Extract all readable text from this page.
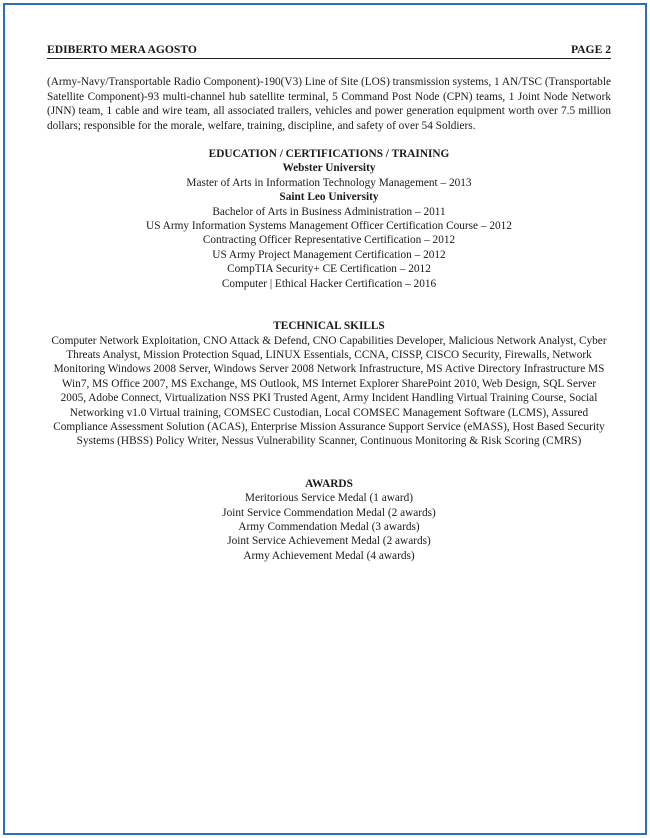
EDIBERTO MERA AGOSTO	PAGE 2
(Army-Navy/Transportable Radio Component)-190(V3) Line of Site (LOS) transmission systems, 1 AN/TSC (Transportable Satellite Component)-93 multi-channel hub satellite terminal, 5 Command Post Node (CPN) teams, 1 Joint Node Network (JNN) team, 1 cable and wire team, all associated trailers, vehicles and power generation equipment worth over 7.5 million dollars; responsible for the morale, welfare, training, discipline, and safety of over 54 Soldiers.
EDUCATION / CERTIFICATIONS / TRAINING
Webster University
Master of Arts in Information Technology Management – 2013
Saint Leo University
Bachelor of Arts in Business Administration – 2011
US Army Information Systems Management Officer Certification Course – 2012
Contracting Officer Representative Certification – 2012
US Army Project Management Certification – 2012
CompTIA Security+ CE Certification – 2012
Computer | Ethical Hacker Certification – 2016
TECHNICAL SKILLS
Computer Network Exploitation, CNO Attack & Defend, CNO Capabilities Developer, Malicious Network Analyst, Cyber Threats Analyst, Mission Protection Squad, LINUX Essentials, CCNA, CISSP, CISCO Security, Firewalls, Network Monitoring Windows 2008 Server, Windows Server 2008 Network Infrastructure, MS Active Directory Infrastructure MS Win7, MS Office 2007, MS Exchange, MS Outlook, MS Internet Explorer SharePoint 2010, Web Design, SQL Server 2005, Adobe Connect, Virtualization NSS PKI Trusted Agent, Army Incident Handling Virtual Training Course, Social Networking v1.0 Virtual training, COMSEC Custodian, Local COMSEC Management Software (LCMS), Assured Compliance Assessment Solution (ACAS), Enterprise Mission Assurance Support Service (eMASS), Host Based Security Systems (HBSS) Policy Writer, Nessus Vulnerability Scanner, Continuous Monitoring & Risk Scoring (CMRS)
AWARDS
Meritorious Service Medal (1 award)
Joint Service Commendation Medal (2 awards)
Army Commendation Medal (3 awards)
Joint Service Achievement Medal (2 awards)
Army Achievement Medal (4 awards)
